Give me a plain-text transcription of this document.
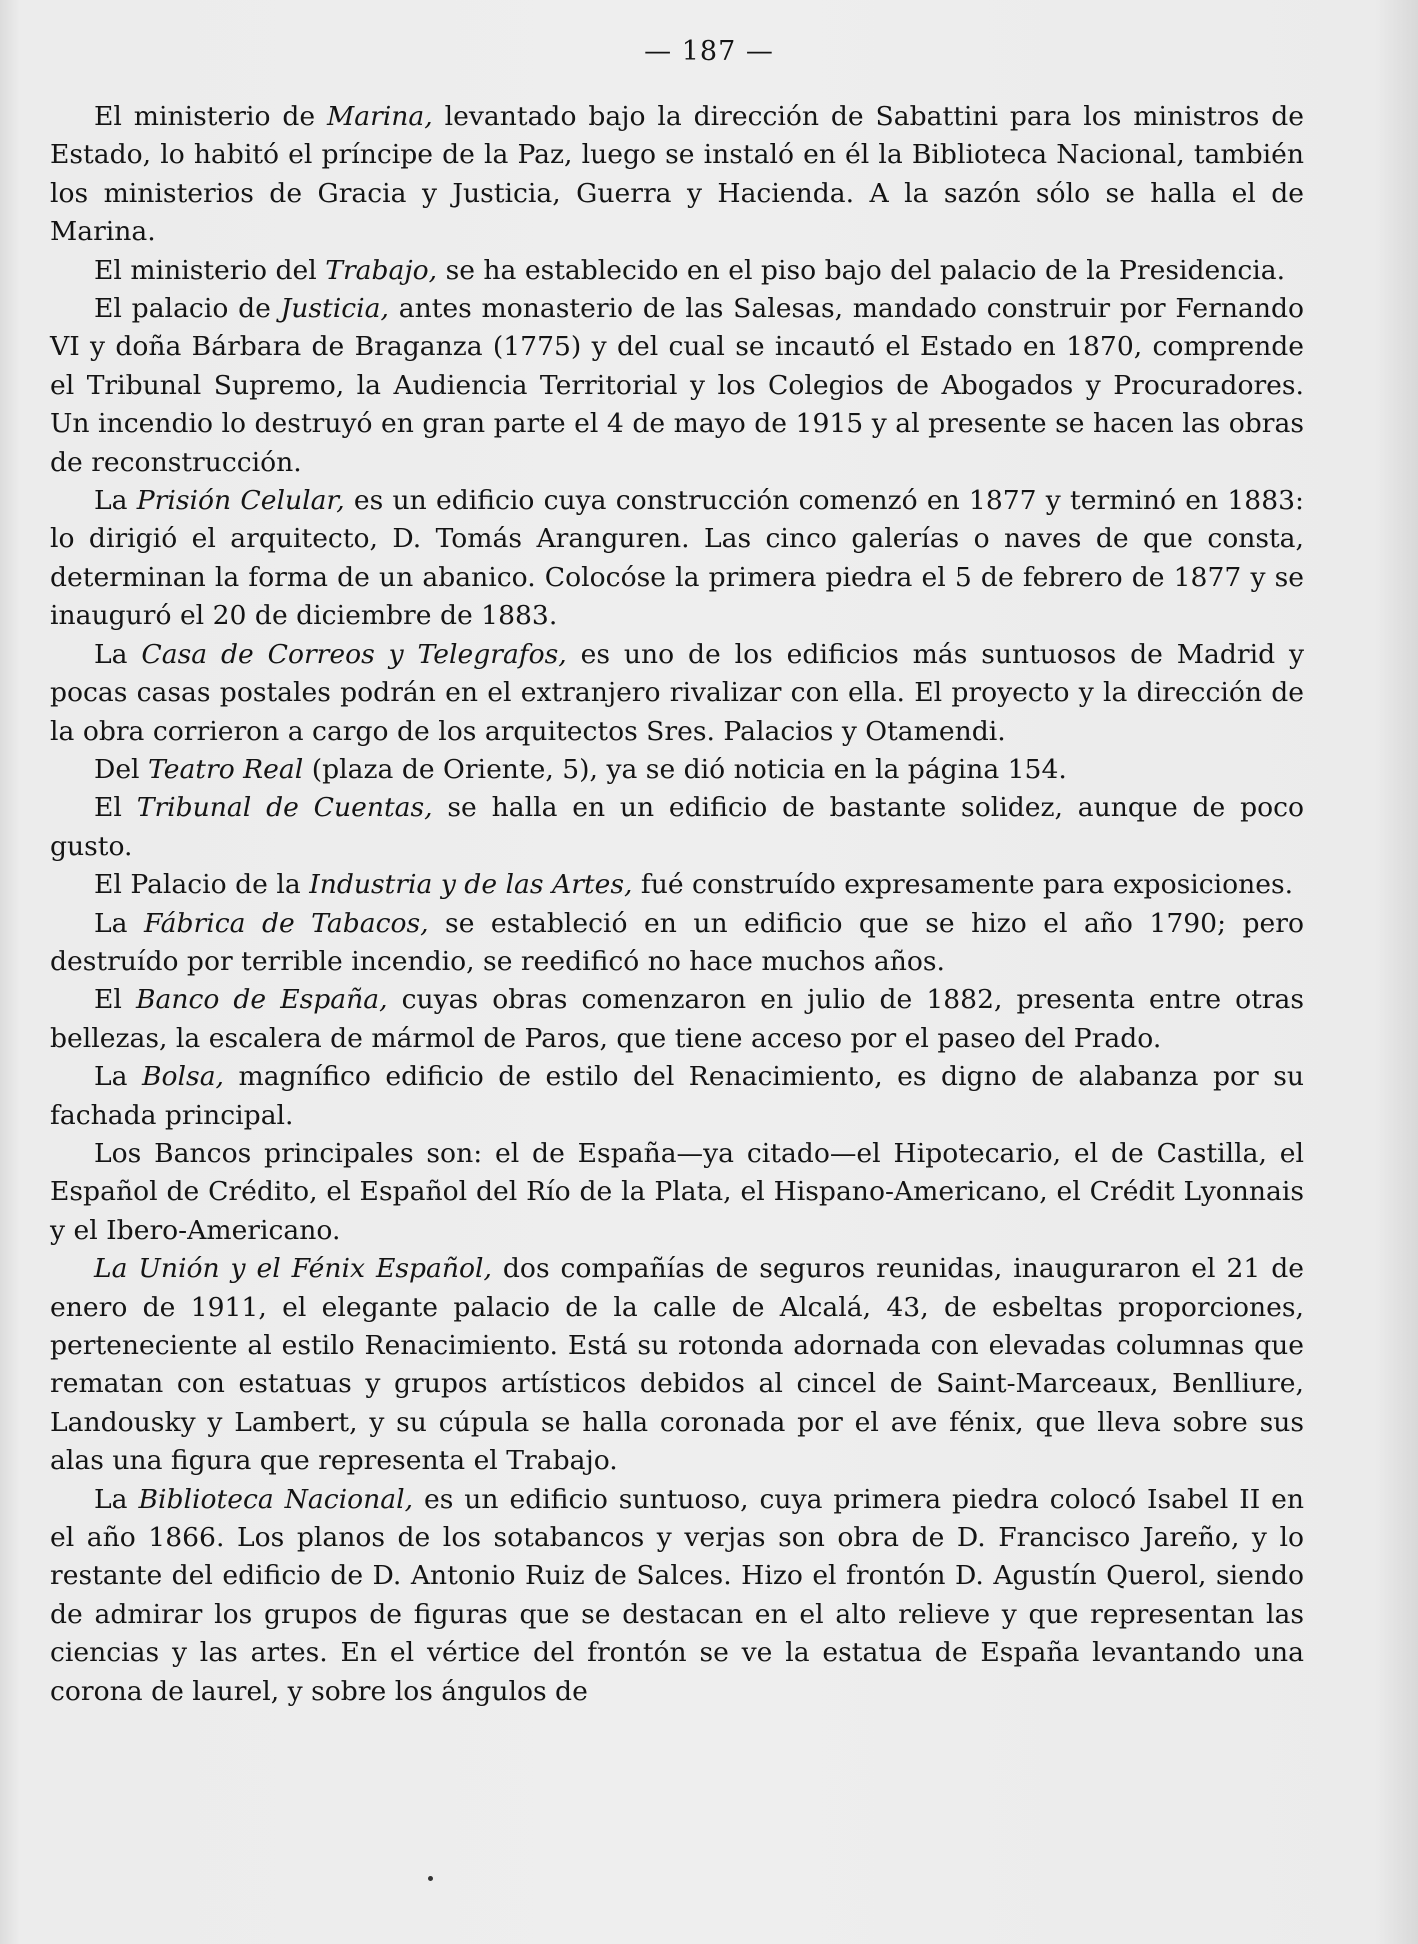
— 187 —

El ministerio de Marina, levantado bajo la dirección de Sabattini para los ministros de Estado, lo habitó el príncipe de la Paz, luego se instaló en él la Biblioteca Nacional, también los ministerios de Gracia y Justicia, Guerra y Hacienda. A la sazón sólo se halla el de Marina.

El ministerio del Trabajo, se ha establecido en el piso bajo del palacio de la Presidencia.

El palacio de Justicia, antes monasterio de las Salesas, mandado construir por Fernando VI y doña Bárbara de Braganza (1775) y del cual se incautó el Estado en 1870, comprende el Tribunal Supremo, la Audiencia Territorial y los Colegios de Abogados y Procuradores. Un incendio lo destruyó en gran parte el 4 de mayo de 1915 y al presente se hacen las obras de reconstrucción.

La Prisión Celular, es un edificio cuya construcción comenzó en 1877 y terminó en 1883: lo dirigió el arquitecto, D. Tomás Aranguren. Las cinco galerías o naves de que consta, determinan la forma de un abanico. Colocóse la primera piedra el 5 de febrero de 1877 y se inauguró el 20 de diciembre de 1883.

La Casa de Correos y Telegrafos, es uno de los edificios más suntuosos de Madrid y pocas casas postales podrán en el extranjero rivalizar con ella. El proyecto y la dirección de la obra corrieron a cargo de los arquitectos Sres. Palacios y Otamendi.

Del Teatro Real (plaza de Oriente, 5), ya se dió noticia en la página 154.

El Tribunal de Cuentas, se halla en un edificio de bastante solidez, aunque de poco gusto.

El Palacio de la Industria y de las Artes, fué construído expresamente para exposiciones.

La Fábrica de Tabacos, se estableció en un edificio que se hizo el año 1790; pero destruído por terrible incendio, se reedificó no hace muchos años.

El Banco de España, cuyas obras comenzaron en julio de 1882, presenta entre otras bellezas, la escalera de mármol de Paros, que tiene acceso por el paseo del Prado.

La Bolsa, magnífico edificio de estilo del Renacimiento, es digno de alabanza por su fachada principal.

Los Bancos principales son: el de España—ya citado—el Hipotecario, el de Castilla, el Español de Crédito, el Español del Río de la Plata, el Hispano-Americano, el Crédit Lyonnais y el Ibero-Americano.

La Unión y el Fénix Español, dos compañías de seguros reunidas, inauguraron el 21 de enero de 1911, el elegante palacio de la calle de Alcalá, 43, de esbeltas proporciones, perteneciente al estilo Renacimiento. Está su rotonda adornada con elevadas columnas que rematan con estatuas y grupos artísticos debidos al cincel de Saint-Marceaux, Benlliure, Landousky y Lambert, y su cúpula se halla coronada por el ave fénix, que lleva sobre sus alas una figura que representa el Trabajo.

La Biblioteca Nacional, es un edificio suntuoso, cuya primera piedra colocó Isabel II en el año 1866. Los planos de los sotabancos y verjas son obra de D. Francisco Jareño, y lo restante del edificio de D. Antonio Ruiz de Salces. Hizo el frontón D. Agustín Querol, siendo de admirar los grupos de figuras que se destacan en el alto relieve y que representan las ciencias y las artes. En el vértice del frontón se ve la estatua de España levantando una corona de laurel, y sobre los ángulos de
